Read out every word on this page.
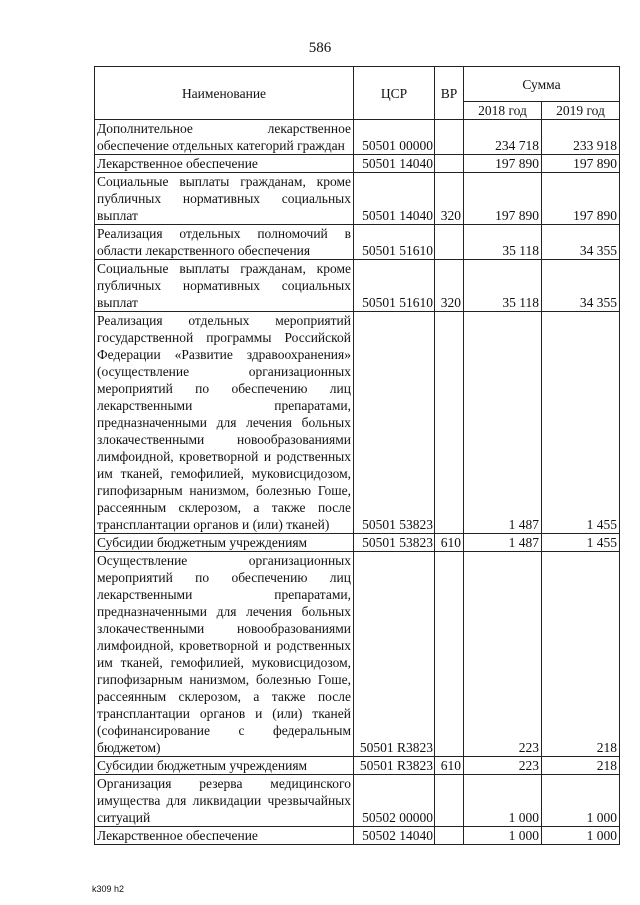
586
Наименование	ЦСР	ВР	Сумма	
			2018 год	2019 год
Дополнительное лекарственное обеспечение отдельных категорий граждан	50501 00000		234 718	233 918
Лекарственное обеспечение	50501 14040		197 890	197 890
Социальные выплаты гражданам, кроме публичных нормативных социальных выплат	50501 14040	320	197 890	197 890
Реализация отдельных полномочий в области лекарственного обеспечения	50501 51610		35 118	34 355
Социальные выплаты гражданам, кроме публичных нормативных социальных выплат	50501 51610	320	35 118	34 355
Реализация отдельных мероприятий государственной программы Российской Федерации «Развитие здравоохранения» (осуществление организационных мероприятий по обеспечению лиц лекарственными препаратами, предназначенными для лечения больных злокачественными новообразованиями лимфоидной, кроветворной и родственных им тканей, гемофилией, муковисцидозом, гипофизарным нанизмом, болезнью Гоше, рассеянным склерозом, а также после трансплантации органов и (или) тканей)	50501 53823		1 487	1 455
Субсидии бюджетным учреждениям	50501 53823	610	1 487	1 455
Осуществление организационных мероприятий по обеспечению лиц лекарственными препаратами, предназначенными для лечения больных злокачественными новообразованиями лимфоидной, кроветворной и родственных им тканей, гемофилией, муковисцидозом, гипофизарным нанизмом, болезнью Гоше, рассеянным склерозом, а также после трансплантации органов и (или) тканей (софинансирование с федеральным бюджетом)	50501 R3823		223	218
Субсидии бюджетным учреждениям	50501 R3823	610	223	218
Организация резерва медицинского имущества для ликвидации чрезвычайных ситуаций	50502 00000		1 000	1 000
Лекарственное обеспечение	50502 14040		1 000	1 000
k309 h2
